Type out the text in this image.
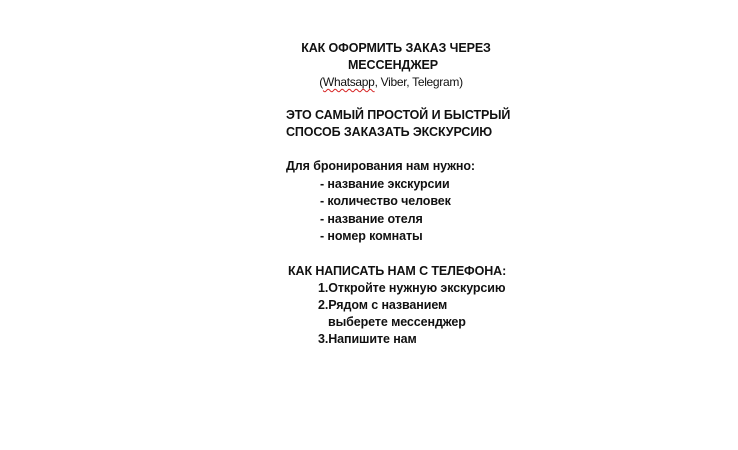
КАК ОФОРМИТЬ ЗАКАЗ ЧЕРЕЗ
МЕССЕНДЖЕР
(Whatsapp, Viber, Telegram)
ЭТО САМЫЙ ПРОСТОЙ И БЫСТРЫЙ
СПОСОБ ЗАКАЗАТЬ ЭКСКУРСИЮ
Для бронирования нам нужно:
- название экскурсии
- количество человек
- название отеля
- номер комнаты
КАК НАПИСАТЬ НАМ С ТЕЛЕФОНА:
1.Откройте нужную экскурсию
2.Рядом с названием
выберете мессенджер
3.Напишите нам
